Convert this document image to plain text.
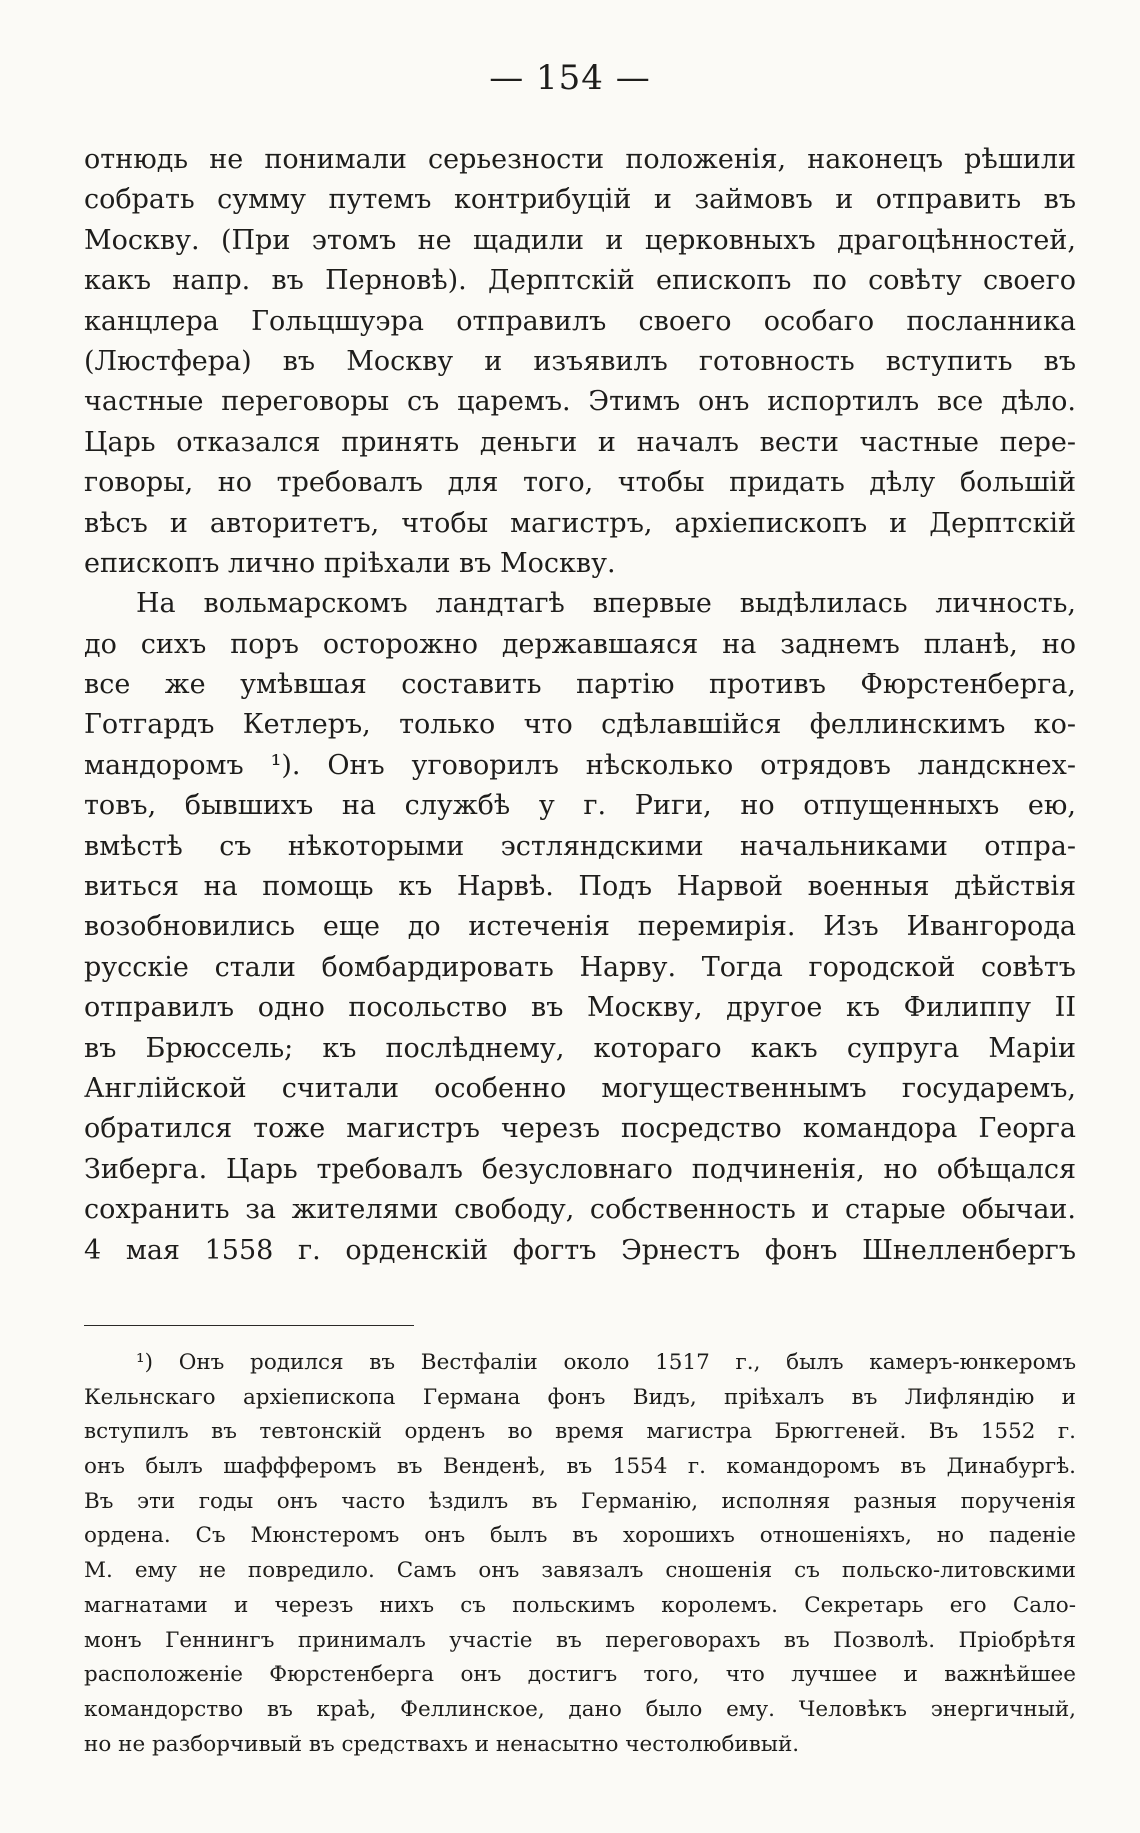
— 154 —
отнюдь не понимали серьезности положенія, наконецъ рѣшили
собрать сумму путемъ контрибуцій и займовъ и отправить въ
Москву. (При этомъ не щадили и церковныхъ драгоцѣнностей,
какъ напр. въ Перновѣ). Дерптскій епископъ по совѣту своего
канцлера Гольцшуэра отправилъ своего особаго посланника
(Люстфера) въ Москву и изъявилъ готовность вступить въ
частные переговоры съ царемъ. Этимъ онъ испортилъ все дѣло.
Царь отказался принять деньги и началъ вести частные пере-
говоры, но требовалъ для того, чтобы придать дѣлу большій
вѣсъ и авторитетъ, чтобы магистръ, архіепископъ и Дерптскій
епископъ лично пріѣхали въ Москву.
На вольмарскомъ ландтагѣ впервые выдѣлилась личность,
до сихъ поръ осторожно державшаяся на заднемъ планѣ, но
все же умѣвшая составить партію противъ Фюрстенберга,
Готгардъ Кетлеръ, только что сдѣлавшійся феллинскимъ ко-
мандоромъ ¹). Онъ уговорилъ нѣсколько отрядовъ ландскнех-
товъ, бывшихъ на службѣ у г. Риги, но отпущенныхъ ею,
вмѣстѣ съ нѣкоторыми эстляндскими начальниками отпра-
виться на помощь къ Нарвѣ. Подъ Нарвой военныя дѣйствія
возобновились еще до истеченія перемирія. Изъ Ивангорода
русскіе стали бомбардировать Нарву. Тогда городской совѣтъ
отправилъ одно посольство въ Москву, другое къ Филиппу II
въ Брюссель; къ послѣднему, котораго какъ супруга Маріи
Англійской считали особенно могущественнымъ государемъ,
обратился тоже магистръ черезъ посредство командора Георга
Зиберга. Царь требовалъ безусловнаго подчиненія, но обѣщался
сохранить за жителями свободу, собственность и старые обычаи.
4 мая 1558 г. орденскій фогтъ Эрнестъ фонъ Шнелленбергъ
¹) Онъ родился въ Вестфаліи около 1517 г., былъ камеръ-юнкеромъ
Кельнскаго архіепископа Германа фонъ Видъ, пріѣхалъ въ Лифляндію и
вступилъ въ тевтонскій орденъ во время магистра Брюггеней. Въ 1552 г.
онъ былъ шаффферомъ въ Венденѣ, въ 1554 г. командоромъ въ Динабургѣ.
Въ эти годы онъ часто ѣздилъ въ Германію, исполняя разныя порученія
ордена. Съ Мюнстеромъ онъ былъ въ хорошихъ отношеніяхъ, но паденіе
М. ему не повредило. Самъ онъ завязалъ сношенія съ польско-литовскими
магнатами и черезъ нихъ съ польскимъ королемъ. Секретарь его Сало-
монъ Геннингъ принималъ участіе въ переговорахъ въ Позволѣ. Пріобрѣтя
расположеніе Фюрстенберга онъ достигъ того, что лучшее и важнѣйшее
командорство въ краѣ, Феллинское, дано было ему. Человѣкъ энергичный,
но не разборчивый въ средствахъ и ненасытно честолюбивый.
